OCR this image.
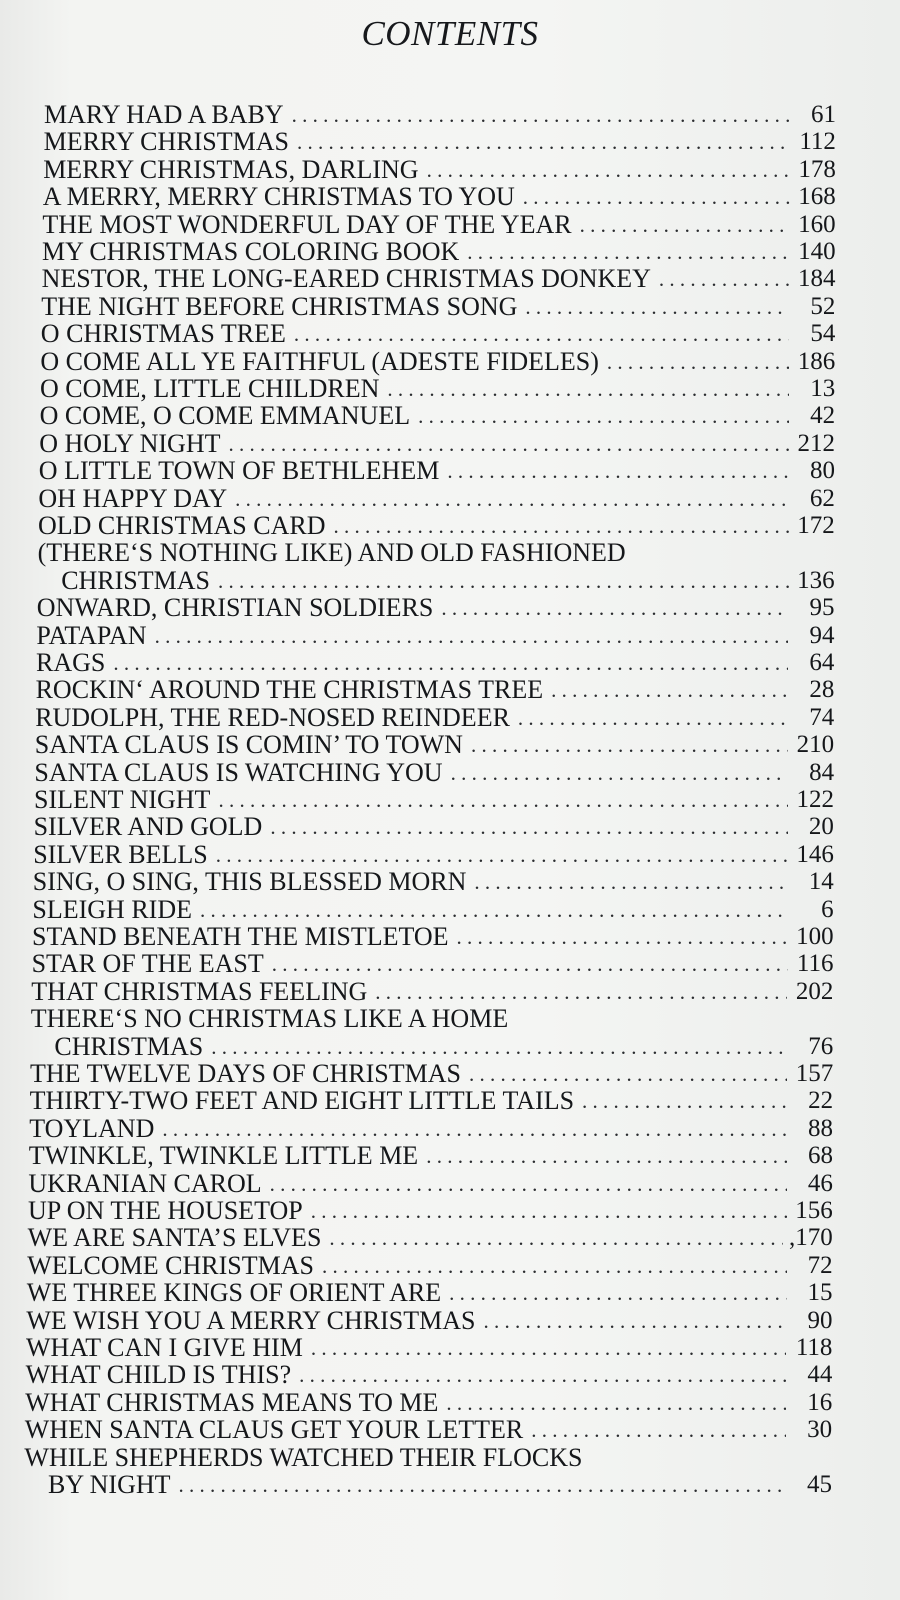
CONTENTS
MARY HAD A BABY . . .	61
MERRY CHRISTMAS . . .	112
MERRY CHRISTMAS, DARLING . . .	178
A MERRY, MERRY CHRISTMAS TO YOU . . .	168
THE MOST WONDERFUL DAY OF THE YEAR . . .	160
MY CHRISTMAS COLORING BOOK . . .	140
NESTOR, THE LONG-EARED CHRISTMAS DONKEY . . .	184
THE NIGHT BEFORE CHRISTMAS SONG . . .	52
O CHRISTMAS TREE . . .	54
O COME ALL YE FAITHFUL (ADESTE FIDELES) . . .	186
O COME, LITTLE CHILDREN . . .	13
O COME, O COME EMMANUEL . . .	42
O HOLY NIGHT . . .	212
O LITTLE TOWN OF BETHLEHEM . . .	80
OH HAPPY DAY . . .	62
OLD CHRISTMAS CARD . . .	172
(THERE‘S NOTHING LIKE) AND OLD FASHIONED
CHRISTMAS . . .	136
ONWARD, CHRISTIAN SOLDIERS . . .	95
PATAPAN . . .	94
RAGS . . .	64
ROCKIN‘ AROUND THE CHRISTMAS TREE . . .	28
RUDOLPH, THE RED-NOSED REINDEER . . .	74
SANTA CLAUS IS COMIN’ TO TOWN . . .	210
SANTA CLAUS IS WATCHING YOU . . .	84
SILENT NIGHT . . .	122
SILVER AND GOLD . . .	20
SILVER BELLS . . .	146
SING, O SING, THIS BLESSED MORN . . .	14
SLEIGH RIDE . . .	6
STAND BENEATH THE MISTLETOE . . .	100
STAR OF THE EAST . . .	116
THAT CHRISTMAS FEELING . . .	202
THERE‘S NO CHRISTMAS LIKE A HOME
CHRISTMAS . . .	76
THE TWELVE DAYS OF CHRISTMAS . . .	157
THIRTY-TWO FEET AND EIGHT LITTLE TAILS . . .	22
TOYLAND . . .	88
TWINKLE, TWINKLE LITTLE ME . . .	68
UKRANIAN CAROL . . .	46
UP ON THE HOUSETOP . . .	156
WE ARE SANTA’S ELVES . . .	,170
WELCOME CHRISTMAS . . .	72
WE THREE KINGS OF ORIENT ARE . . .	15
WE WISH YOU A MERRY CHRISTMAS . . .	90
WHAT CAN I GIVE HIM . . .	118
WHAT CHILD IS THIS? . . .	44
WHAT CHRISTMAS MEANS TO ME . . .	16
WHEN SANTA CLAUS GET YOUR LETTER . . .	30
WHILE SHEPHERDS WATCHED THEIR FLOCKS
BY NIGHT . . .	45
